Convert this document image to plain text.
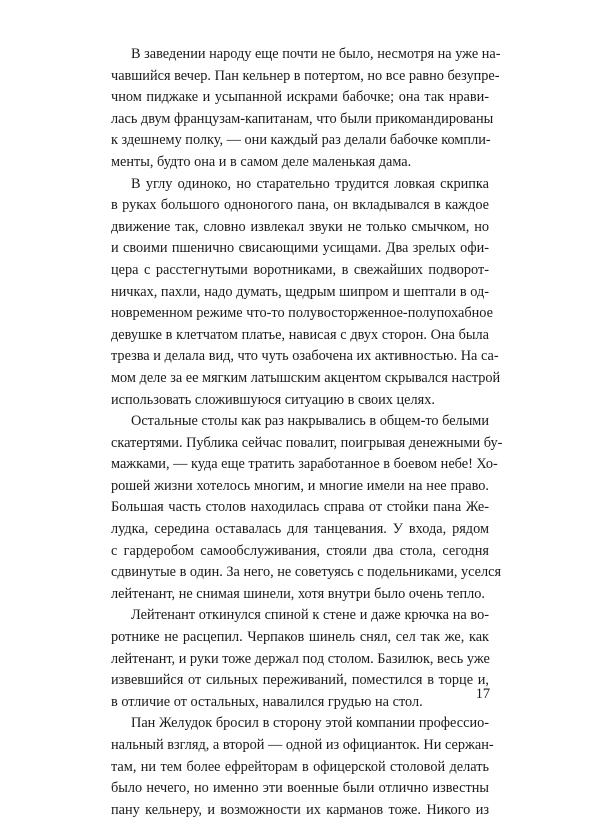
В заведении народу еще почти не было, несмотря на уже на-
чавшийся вечер. Пан кельнер в потертом, но все равно безупре-
чном пиджаке и усыпанной искрами бабочке; она так нрави-
лась двум французам-капитанам, что были прикомандированы
к здешнему полку, — они каждый раз делали бабочке компли-
менты, будто она и в самом деле маленькая дама.
В углу одиноко, но старательно трудится ловкая скрипка
в руках большого одноногого пана, он вкладывался в каждое
движение так, словно извлекал звуки не только смычком, но
и своими пшенично свисающими усищами. Два зрелых офи-
цера с расстегнутыми воротниками, в свежайших подворот-
ничках, пахли, надо думать, щедрым шипром и шептали в од-
новременном режиме что-то полувосторженное-полупохабное
девушке в клетчатом платье, нависая с двух сторон. Она была
трезва и делала вид, что чуть озабочена их активностью. На са-
мом деле за ее мягким латышским акцентом скрывался настрой
использовать сложившуюся ситуацию в своих целях.
Остальные столы как раз накрывались в общем-то белыми
скатертями. Публика сейчас повалит, поигрывая денежными бу-
мажками, — куда еще тратить заработанное в боевом небе! Хо-
рошей жизни хотелось многим, и многие имели на нее право.
Большая часть столов находилась справа от стойки пана Же-
лудка, середина оставалась для танцевания. У входа, рядом
с гардеробом самообслуживания, стояли два стола, сегодня
сдвинутые в один. За него, не советуясь с подельниками, уселся
лейтенант, не снимая шинели, хотя внутри было очень тепло.
Лейтенант откинулся спиной к стене и даже крючка на во-
ротнике не расцепил. Черпаков шинель снял, сел так же, как
лейтенант, и руки тоже держал под столом. Базилюк, весь уже
извевшийся от сильных переживаний, поместился в торце и,
в отличие от остальных, навалился грудью на стол.
Пан Желудок бросил в сторону этой компании профессио-
нальный взгляд, а второй — одной из официанток. Ни сержан-
там, ни тем более ефрейторам в офицерской столовой делать
было нечего, но именно эти военные были отлично известны
пану кельнеру, и возможности их карманов тоже. Никого из
17
